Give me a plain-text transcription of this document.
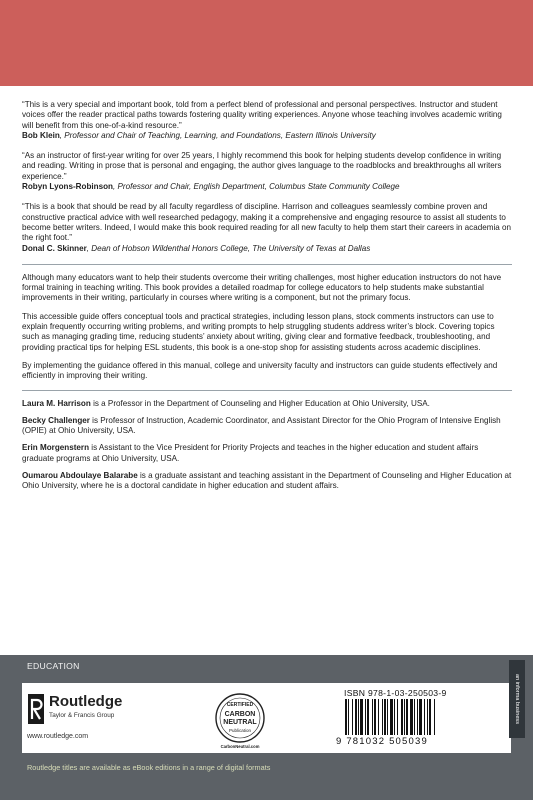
“This is a very special and important book, told from a perfect blend of professional and personal perspectives. Instructor and student voices offer the reader practical paths towards fostering quality writing experiences. Anyone whose teaching involves academic writing will benefit from this one-of-a-kind resource.”

Bob Klein, Professor and Chair of Teaching, Learning, and Foundations, Eastern Illinois University

“As an instructor of first-year writing for over 25 years, I highly recommend this book for helping students develop confidence in writing and reading. Writing in prose that is personal and engaging, the author gives language to the roadblocks and breakthroughs all writers experience.”

Robyn Lyons-Robinson, Professor and Chair, English Department, Columbus State Community College

“This is a book that should be read by all faculty regardless of discipline. Harrison and colleagues seamlessly combine proven and constructive practical advice with well researched pedagogy, making it a comprehensive and engaging resource to assist all students to become better writers. Indeed, I would make this book required reading for all new faculty to help them start their careers in academia on the right foot.”

Donal C. Skinner, Dean of Hobson Wildenthal Honors College, The University of Texas at Dallas

Although many educators want to help their students overcome their writing challenges, most higher education instructors do not have formal training in teaching writing. This book provides a detailed roadmap for college educators to help students make substantial improvements in their writing, particularly in courses where writing is a component, but not the primary focus.

This accessible guide offers conceptual tools and practical strategies, including lesson plans, stock comments instructors can use to explain frequently occurring writing problems, and writing prompts to help struggling students address writer’s block. Covering topics such as managing grading time, reducing students’ anxiety about writing, giving clear and formative feedback, troubleshooting, and providing practical tips for helping ESL students, this book is a one-stop shop for assisting students across academic disciplines.

By implementing the guidance offered in this manual, college and university faculty and instructors can guide students effectively and efficiently in improving their writing.

Laura M. Harrison is a Professor in the Department of Counseling and Higher Education at Ohio University, USA.

Becky Challenger is Professor of Instruction, Academic Coordinator, and Assistant Director for the Ohio Program of Intensive English (OPIE) at Ohio University, USA.

Erin Morgenstern is Assistant to the Vice President for Priority Projects and teaches in the higher education and student affairs graduate programs at Ohio University, USA.

Oumarou Abdoulaye Balarabe is a graduate assistant and teaching assistant in the Department of Counseling and Higher Education at Ohio University, where he is a doctoral candidate in higher education and student affairs.

EDUCATION
Routledge
Taylor & Francis Group
www.routledge.com
CERTIFIED
CARBON
NEUTRAL
Publication
CarbonNeutral.com
ISBN 978-1-03-250503-9
9 781032 505039
an informa business
Routledge titles are available as eBook editions in a range of digital formats
